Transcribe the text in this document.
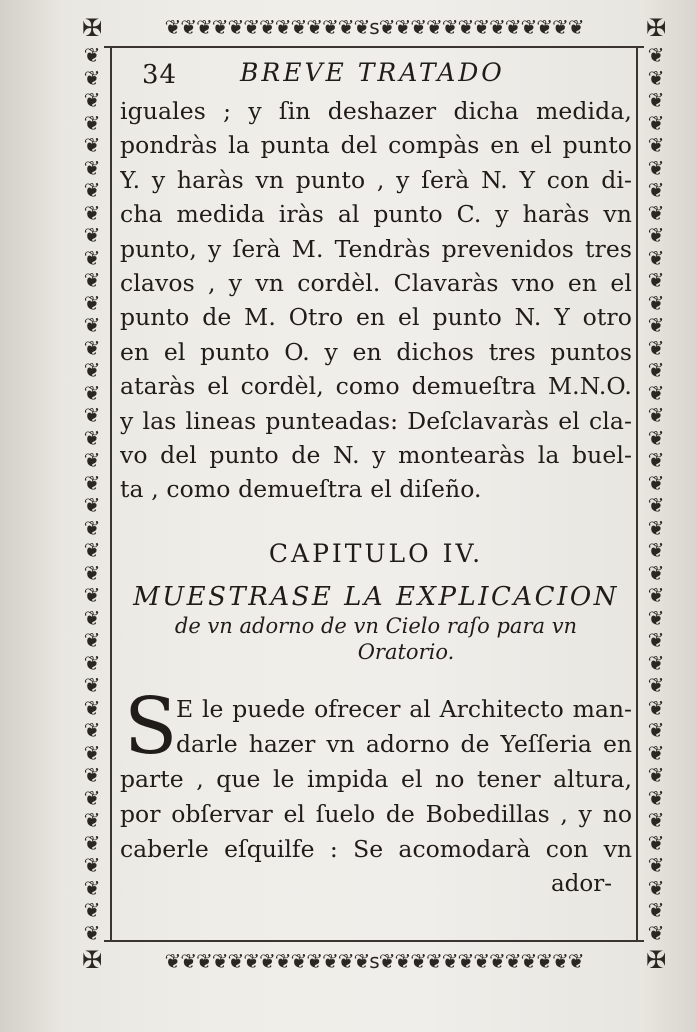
✠	✠
✠	✠
❦❦❦❦❦❦❦❦❦❦❦❦❦s❦❦❦❦❦❦❦❦❦❦❦❦❦
❦❦❦❦❦❦❦❦❦❦❦❦❦s❦❦❦❦❦❦❦❦❦❦❦❦❦
❦
❦
❦
❦
❦
❦
❦
❦
❦
❦
❦
❦
❦
❦
❦
❦
❦
❦
❦
❦
❦
❦
❦
❦
❦
❦
❦
❦
❦
❦
❦
❦
❦
❦
❦
❦
❦
❦
❦
❦

❦
❦
❦
❦
❦
❦
❦
❦
❦
❦
❦
❦
❦
❦
❦
❦
❦
❦
❦
❦
❦
❦
❦
❦
❦
❦
❦
❦
❦
❦
❦
❦
❦
❦
❦
❦
❦
❦
❦
❦

34	BREVE TRATADO
iguales ; y ſin deshazer dicha medida,
pondràs la punta del compàs en el punto
Y. y haràs vn punto , y ſerà N. Y con di-
cha medida iràs al punto C. y haràs vn
punto, y ſerà M. Tendràs prevenidos tres
clavos , y vn cordèl. Clavaràs vno en el
punto de M. Otro en el punto N. Y otro
en el punto O. y en dichos tres puntos
ataràs el cordèl, como demueſtra M.N.O.
y las lineas punteadas: Deſclavaràs el cla-
vo del punto de N. y montearàs la buel-
ta , como demueſtra el diſeño.
CAPITULO IV.
MUESTRASE LA EXPLICACION
de vn adorno de vn Cielo raſo para vn
Oratorio.
S
E le puede ofrecer al Architecto man-
darle hazer vn adorno de Yeſſeria en
parte , que le impida el no tener altura,
por obſervar el ſuelo de Bobedillas , y no
caberle eſquilfe : Se acomodarà con vn
ador-
